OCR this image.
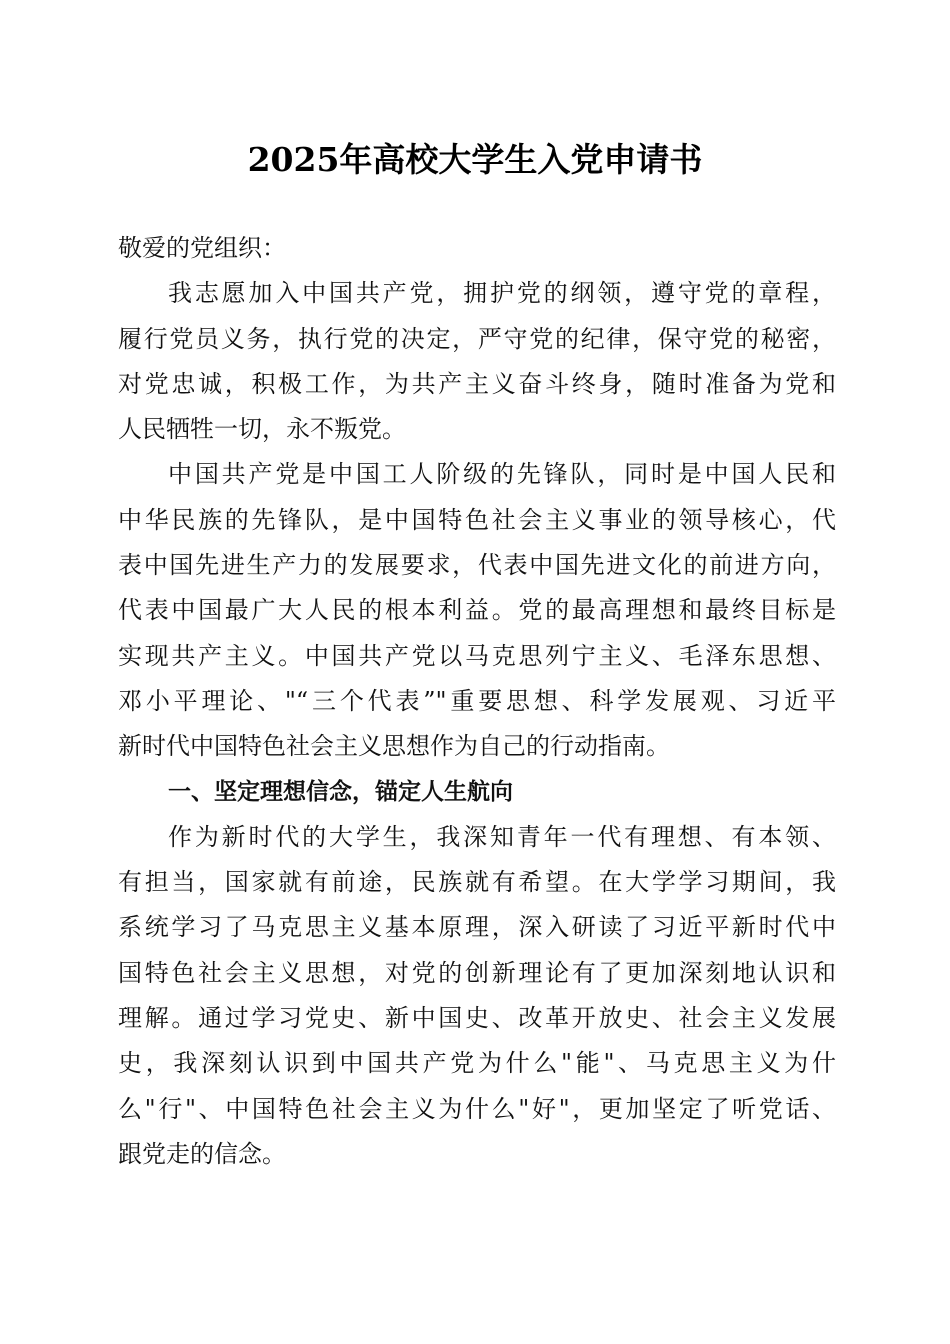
2025年高校大学生入党申请书
敬爱的党组织：
我志愿加入中国共产党，拥护党的纲领，遵守党的章程，
履行党员义务，执行党的决定，严守党的纪律，保守党的秘密，
对党忠诚，积极工作，为共产主义奋斗终身，随时准备为党和
人民牺牲一切，永不叛党。
中国共产党是中国工人阶级的先锋队，同时是中国人民和
中华民族的先锋队，是中国特色社会主义事业的领导核心，代
表中国先进生产力的发展要求，代表中国先进文化的前进方向，
代表中国最广大人民的根本利益。党的最高理想和最终目标是
实现共产主义。中国共产党以马克思列宁主义、毛泽东思想、
邓小平理论、"“三个代表”"重要思想、科学发展观、习近平
新时代中国特色社会主义思想作为自己的行动指南。
一、坚定理想信念，锚定人生航向
作为新时代的大学生，我深知青年一代有理想、有本领、
有担当，国家就有前途，民族就有希望。在大学学习期间，我
系统学习了马克思主义基本原理，深入研读了习近平新时代中
国特色社会主义思想，对党的创新理论有了更加深刻地认识和
理解。通过学习党史、新中国史、改革开放史、社会主义发展
史，我深刻认识到中国共产党为什么"能"、马克思主义为什
么"行"、中国特色社会主义为什么"好"，更加坚定了听党话、
跟党走的信念。
